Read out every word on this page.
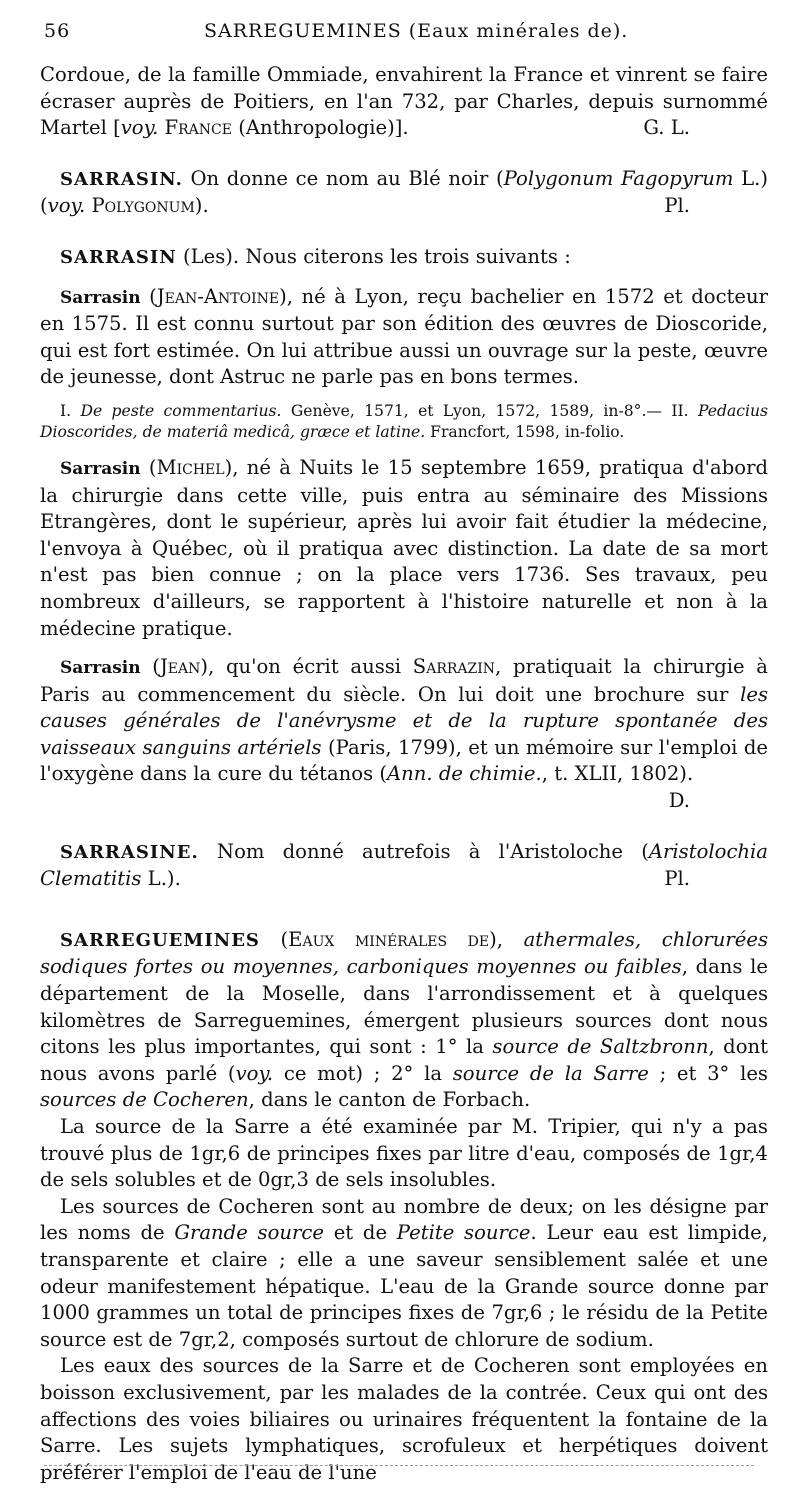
56	SARREGUEMINES (Eaux minérales de).

Cordoue, de la famille Ommiade, envahirent la France et vinrent se faire écraser auprès de Poitiers, en l'an 732, par Charles, depuis surnommé Martel [voy. France (Anthropologie)].	G. L.

SARRASIN. On donne ce nom au Blé noir (Polygonum Fagopyrum L.) (voy. Polygonum).	Pl.

SARRASIN (Les). Nous citerons les trois suivants :

Sarrasin (Jean-Antoine), né à Lyon, reçu bachelier en 1572 et docteur en 1575. Il est connu surtout par son édition des œuvres de Dioscoride, qui est fort estimée. On lui attribue aussi un ouvrage sur la peste, œuvre de jeunesse, dont Astruc ne parle pas en bons termes.

I. De peste commentarius. Genève, 1571, et Lyon, 1572, 1589, in-8°.— II. Pedacius Dioscorides, de materiâ medicâ, græce et latine. Francfort, 1598, in-folio.

Sarrasin (Michel), né à Nuits le 15 septembre 1659, pratiqua d'abord la chirurgie dans cette ville, puis entra au séminaire des Missions Etrangères, dont le supérieur, après lui avoir fait étudier la médecine, l'envoya à Québec, où il pratiqua avec distinction. La date de sa mort n'est pas bien connue ; on la place vers 1736. Ses travaux, peu nombreux d'ailleurs, se rapportent à l'histoire naturelle et non à la médecine pratique.

Sarrasin (Jean), qu'on écrit aussi Sarrazin, pratiquait la chirurgie à Paris au commencement du siècle. On lui doit une brochure sur les causes générales de l'anévrysme et de la rupture spontanée des vaisseaux sanguins artériels (Paris, 1799), et un mémoire sur l'emploi de l'oxygène dans la cure du tétanos (Ann. de chimie., t. XLII, 1802).
D.

SARRASINE. Nom donné autrefois à l'Aristoloche (Aristolochia Clematitis L.).	Pl.

SARREGUEMINES (Eaux minérales de), athermales, chlorurées sodiques fortes ou moyennes, carboniques moyennes ou faibles, dans le département de la Moselle, dans l'arrondissement et à quelques kilomètres de Sarreguemines, émergent plusieurs sources dont nous citons les plus importantes, qui sont : 1° la source de Saltzbronn, dont nous avons parlé (voy. ce mot) ; 2° la source de la Sarre ; et 3° les sources de Cocheren, dans le canton de Forbach.

La source de la Sarre a été examinée par M. Tripier, qui n'y a pas trouvé plus de 1gr,6 de principes fixes par litre d'eau, composés de 1gr,4 de sels solubles et de 0gr,3 de sels insolubles.

Les sources de Cocheren sont au nombre de deux; on les désigne par les noms de Grande source et de Petite source. Leur eau est limpide, transparente et claire ; elle a une saveur sensiblement salée et une odeur manifestement hépatique. L'eau de la Grande source donne par 1000 grammes un total de principes fixes de 7gr,6 ; le résidu de la Petite source est de 7gr,2, composés surtout de chlorure de sodium.

Les eaux des sources de la Sarre et de Cocheren sont employées en boisson exclusivement, par les malades de la contrée. Ceux qui ont des affections des voies biliaires ou urinaires fréquentent la fontaine de la Sarre. Les sujets lymphatiques, scrofuleux et herpétiques doivent préférer l'emploi de l'eau de l'une
